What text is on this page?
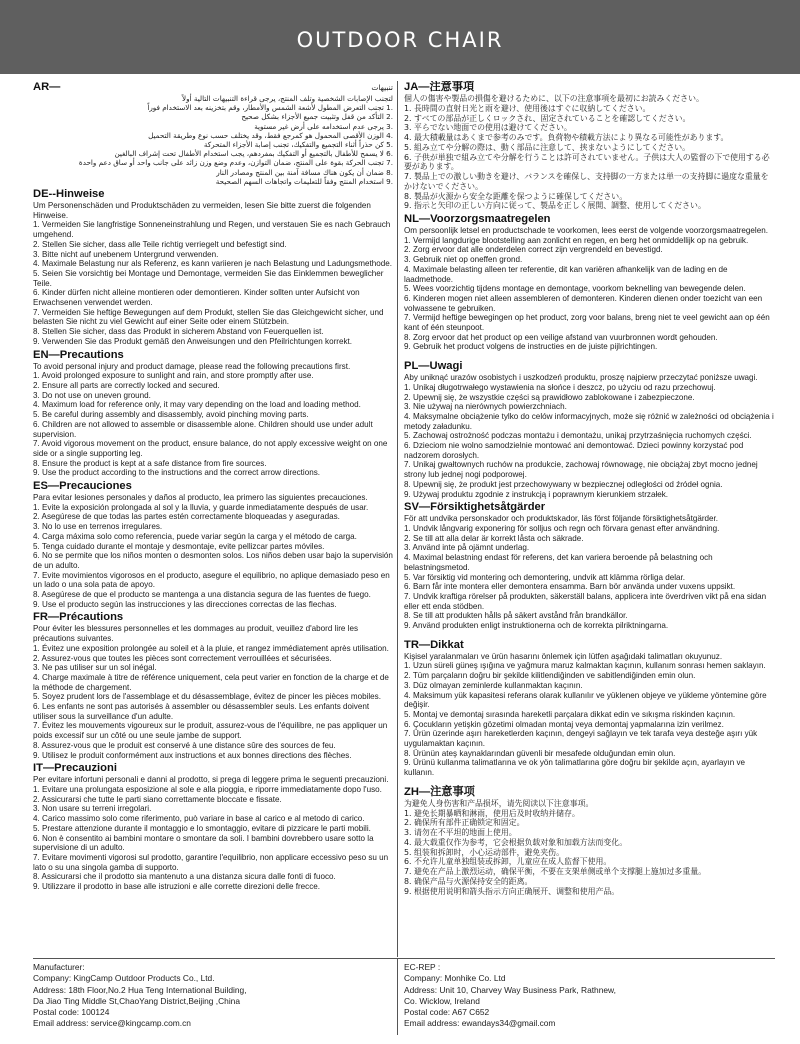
OUTDOOR CHAIR
AR—	تنبيهات
لتجنب الإصابات الشخصية وتلف المنتج، يرجى قراءة التنبيهات التالية أولاً
.1 تجنب التعرض المطول لأشعة الشمس والأمطار، وقم بتخزينه بعد الاستخدام فوراً
.2 التأكد من قفل وتثبيت جميع الأجزاء بشكل صحيح
.3 يرجى عدم استخدامه على أرض غير مستوية
.4 الوزن الأقصى المحمول هو كمرجع فقط، وقد يختلف حسب نوع وطريقة التحميل
.5 كن حذراً أثناء التجميع والتفكيك، تجنب إصابة الأجزاء المتحركة
.6 لا يسمح للأطفال بالتجميع أو التفكيك بمفردهم، يجب استخدام الأطفال تحت إشراف البالغين
.7 تجنب الحركة بقوة على المنتج، ضمان التوازن، وعدم وضع وزن زائد على جانب واحد أو ساق دعم واحدة
.8 ضمان أن يكون هناك مسافة آمنة بين المنتج ومصادر النار
.9 استخدام المنتج وفقاً للتعليمات واتجاهات السهم الصحيحة
DE--Hinweise
Um Personenschäden und Produktschäden zu vermeiden, lesen Sie bitte zuerst die folgenden Hinweise.
1. Vermeiden Sie langfristige Sonneneinstrahlung und Regen, und verstauen Sie es nach Gebrauch umgehend.
2. Stellen Sie sicher, dass alle Teile richtig verriegelt und befestigt sind.
3. Bitte nicht auf unebenem Untergrund verwenden.
4. Maximale Belastung nur als Referenz, es kann variieren je nach Belastung und Ladungsmethode.
5. Seien Sie vorsichtig bei Montage und Demontage, vermeiden Sie das Einklemmen beweglicher Teile.
6. Kinder dürfen nicht alleine montieren oder demontieren. Kinder sollten unter Aufsicht von Erwachsenen verwendet werden.
7. Vermeiden Sie heftige Bewegungen auf dem Produkt, stellen Sie das Gleichgewicht sicher, und belasten Sie nicht zu viel Gewicht auf einer Seite oder einem Stützbein.
8. Stellen Sie sicher, dass das Produkt in sicherem Abstand von Feuerquellen ist.
9. Verwenden Sie das Produkt gemäß den Anweisungen und den Pfeilrichtungen korrekt.
EN—Precautions
To avoid personal injury and product damage, please read the following precautions first.
1. Avoid prolonged exposure to sunlight and rain, and store promptly after use.
2. Ensure all parts are correctly locked and secured.
3. Do not use on uneven ground.
4. Maximum load for reference only, it may vary depending on the load and loading method.
5. Be careful during assembly and disassembly, avoid pinching moving parts.
6. Children are not allowed to assemble or disassemble alone. Children should use under adult supervision.
7. Avoid vigorous movement on the product, ensure balance, do not apply excessive weight on one side or a single supporting leg.
8. Ensure the product is kept at a safe distance from fire sources.
9. Use the product according to the instructions and the correct arrow directions.
ES—Precauciones
Para evitar lesiones personales y daños al producto, lea primero las siguientes precauciones.
1. Evite la exposición prolongada al sol y la lluvia, y guarde inmediatamente después de usar.
2. Asegúrese de que todas las partes estén correctamente bloqueadas y aseguradas.
3. No lo use en terrenos irregulares.
4. Carga máxima solo como referencia, puede variar según la carga y el método de carga.
5. Tenga cuidado durante el montaje y desmontaje, evite pellizcar partes móviles.
6. No se permite que los niños monten o desmonten solos. Los niños deben usar bajo la supervisión de un adulto.
7. Evite movimientos vigorosos en el producto, asegure el equilibrio, no aplique demasiado peso en un lado o una sola pata de apoyo.
8. Asegúrese de que el producto se mantenga a una distancia segura de las fuentes de fuego.
9. Use el producto según las instrucciones y las direcciones correctas de las flechas.
FR—Précautions
Pour éviter les blessures personnelles et les dommages au produit, veuillez d'abord lire les précautions suivantes.
1. Évitez une exposition prolongée au soleil et à la pluie, et rangez immédiatement après utilisation.
2. Assurez-vous que toutes les pièces sont correctement verrouillées et sécurisées.
3. Ne pas utiliser sur un sol inégal.
4. Charge maximale à titre de référence uniquement, cela peut varier en fonction de la charge et de la méthode de chargement.
5. Soyez prudent lors de l'assemblage et du désassemblage, évitez de pincer les pièces mobiles.
6. Les enfants ne sont pas autorisés à assembler ou désassembler seuls. Les enfants doivent utiliser sous la surveillance d'un adulte.
7. Évitez les mouvements vigoureux sur le produit, assurez-vous de l'équilibre, ne pas appliquer un poids excessif sur un côté ou une seule jambe de support.
8. Assurez-vous que le produit est conservé à une distance sûre des sources de feu.
9. Utilisez le produit conformément aux instructions et aux bonnes directions des flèches.
IT—Precauzioni
Per evitare infortuni personali e danni al prodotto, si prega di leggere prima le seguenti precauzioni.
1. Evitare una prolungata esposizione al sole e alla pioggia, e riporre immediatamente dopo l'uso.
2. Assicurarsi che tutte le parti siano correttamente bloccate e fissate.
3. Non usare su terreni irregolari.
4. Carico massimo solo come riferimento, può variare in base al carico e al metodo di carico.
5. Prestare attenzione durante il montaggio e lo smontaggio, evitare di pizzicare le parti mobili.
6. Non è consentito ai bambini montare o smontare da soli. I bambini dovrebbero usare sotto la supervisione di un adulto.
7. Evitare movimenti vigorosi sul prodotto, garantire l'equilibrio, non applicare eccessivo peso su un lato o su una singola gamba di supporto.
8. Assicurarsi che il prodotto sia mantenuto a una distanza sicura dalle fonti di fuoco.
9. Utilizzare il prodotto in base alle istruzioni e alle corrette direzioni delle frecce.
JA—注意事項
個人の傷害や製品の損傷を避けるために、以下の注意事項を最初にお読みください。
1. 長時間の直射日光と雨を避け、使用後はすぐに収納してください。
2. すべての部品が正しくロックされ、固定されていることを確認してください。
3. 平らでない地面での使用は避けてください。
4. 最大積載量はあくまで参考のみです。負荷物や積載方法により異なる可能性があります。
5. 組み立てや分解の際は、動く部品に注意して、挟まないようにしてください。
6. 子供が単独で組み立てや分解を行うことは許可されていません。子供は大人の監督の下で使用する必要があります。
7. 製品上での激しい動きを避け、バランスを確保し、支持脚の一方または単一の支持脚に過度な重量をかけないでください。
8. 製品が火源から安全な距離を保つように確保してください。
9. 指示と矢印の正しい方向に従って、製品を正しく展開、調整、使用してください。
NL—Voorzorgsmaatregelen
Om persoonlijk letsel en productschade te voorkomen, lees eerst de volgende voorzorgsmaatregelen.
1. Vermijd langdurige blootstelling aan zonlicht en regen, en berg het onmiddellijk op na gebruik.
2. Zorg ervoor dat alle onderdelen correct zijn vergrendeld en bevestigd.
3. Gebruik niet op oneffen grond.
4. Maximale belasting alleen ter referentie, dit kan variëren afhankelijk van de lading en de laadmethode.
5. Wees voorzichtig tijdens montage en demontage, voorkom beknelling van bewegende delen.
6. Kinderen mogen niet alleen assembleren of demonteren. Kinderen dienen onder toezicht van een volwassene te gebruiken.
7. Vermijd heftige bewegingen op het product, zorg voor balans, breng niet te veel gewicht aan op één kant of één steunpoot.
8. Zorg ervoor dat het product op een veilige afstand van vuurbronnen wordt gehouden.
9. Gebruik het product volgens de instructies en de juiste pijlrichtingen.
PL—Uwagi
Aby uniknąć urazów osobistych i uszkodzeń produktu, proszę najpierw przeczytać poniższe uwagi.
1. Unikaj długotrwałego wystawienia na słońce i deszcz, po użyciu od razu przechowuj.
2. Upewnij się, że wszystkie części są prawidłowo zablokowane i zabezpieczone.
3. Nie używaj na nierównych powierzchniach.
4. Maksymalne obciążenie tylko do celów informacyjnych, może się różnić w zależności od obciążenia i metody załadunku.
5. Zachowaj ostrożność podczas montażu i demontażu, unikaj przytrzaśnięcia ruchomych części.
6. Dzieciom nie wolno samodzielnie montować ani demontować. Dzieci powinny korzystać pod nadzorem dorosłych.
7. Unikaj gwałtownych ruchów na produkcie, zachowaj równowagę, nie obciążaj zbyt mocno jednej strony lub jednej nogi podporowej.
8. Upewnij się, że produkt jest przechowywany w bezpiecznej odległości od źródeł ognia.
9. Używaj produktu zgodnie z instrukcją i poprawnym kierunkiem strzałek.
SV—Försiktighetsåtgärder
För att undvika personskador och produktskador, läs först följande försiktighetsåtgärder.
1. Undvik långvarig exponering för solljus och regn och förvara genast efter användning.
2. Se till att alla delar är korrekt låsta och säkrade.
3. Använd inte på ojämnt underlag.
4. Maximal belastning endast för referens, det kan variera beroende på belastning och belastningsmetod.
5. Var försiktig vid montering och demontering, undvik att klämma rörliga delar.
6. Barn får inte montera eller demontera ensamma. Barn bör använda under vuxens uppsikt.
7. Undvik kraftiga rörelser på produkten, säkerställ balans, applicera inte överdriven vikt på ena sidan eller ett enda stödben.
8. Se till att produkten hålls på säkert avstånd från brandkällor.
9. Använd produkten enligt instruktionerna och de korrekta pilriktningarna.
TR—Dikkat
Kişisel yaralanmaları ve ürün hasarını önlemek için lütfen aşağıdaki talimatları okuyunuz.
1. Uzun süreli güneş ışığına ve yağmura maruz kalmaktan kaçının, kullanım sonrası hemen saklayın.
2. Tüm parçaların doğru bir şekilde kilitlendiğinden ve sabitlendiğinden emin olun.
3. Düz olmayan zeminlerde kullanmaktan kaçının.
4. Maksimum yük kapasitesi referans olarak kullanılır ve yüklenen objeye ve yükleme yöntemine göre değişir.
5. Montaj ve demontaj sırasında hareketli parçalara dikkat edin ve sıkışma riskinden kaçının.
6. Çocukların yetişkin gözetimi olmadan montaj veya demontaj yapmalarına izin verilmez.
7. Ürün üzerinde aşırı hareketlerden kaçının, dengeyi sağlayın ve tek tarafa veya desteğe aşırı yük uygulamaktan kaçının.
8. Ürünün ateş kaynaklarından güvenli bir mesafede olduğundan emin olun.
9. Ürünü kullanma talimatlarına ve ok yön talimatlarına göre doğru bir şekilde açın, ayarlayın ve kullanın.
ZH—注意事项
为避免人身伤害和产品损坏，请先阅读以下注意事项。
1. 避免长期暴晒和淋雨，使用后及时收纳并储存。
2. 确保所有部件正确锁定和固定。
3. 请勿在不平坦的地面上使用。
4. 最大载重仅作为参考，它会根据负载对象和加载方法而变化。
5. 组装和拆卸时，小心运动部件，避免夹伤。
6. 不允许儿童单独组装或拆卸，儿童应在成人监督下使用。
7. 避免在产品上激烈运动，确保平衡，不要在支架单侧或单个支撑腿上施加过多重量。
8. 确保产品与火源保持安全的距离。
9. 根据使用说明和箭头指示方向正确展开、调整和使用产品。

Manufacturer:

Company: KingCamp Outdoor Products Co., Ltd.

Address: 18th Floor,No.2 Hua Teng International Building,

Da Jiao Ting Middle St,ChaoYang District,Beijing ,China

Postal code: 100124

Email address: service@kingcamp.com.cn

EC-REP :

Company: Monhike Co. Ltd

Address: Unit 10, Charvey Way Business Park, Rathnew,

Co. Wicklow, Ireland

Postal code: A67 C652

Email address: ewandays34@gmail.com
